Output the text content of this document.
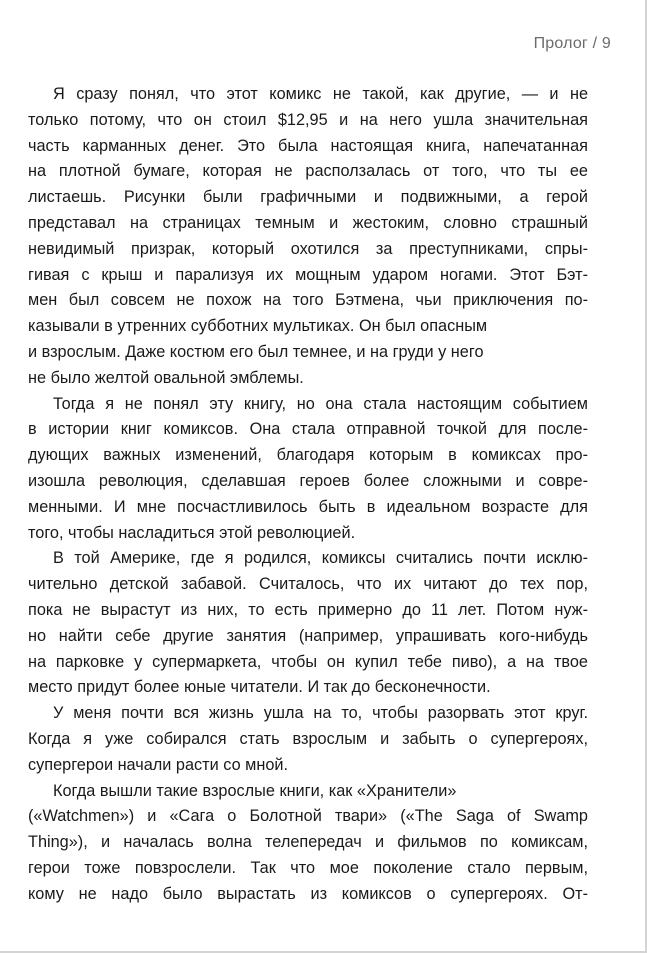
Пролог / 9
Я сразу понял, что этот комикс не такой, как другие, — и не
только потому, что он стоил $12,95 и на него ушла значительная
часть карманных денег. Это была настоящая книга, напечатанная
на плотной бумаге, которая не расползалась от того, что ты ее
листаешь. Рисунки были графичными и подвижными, а герой
представал на страницах темным и жестоким, словно страшный
невидимый призрак, который охотился за преступниками, спры-
гивая с крыш и парализуя их мощным ударом ногами. Этот Бэт-
мен был совсем не похож на того Бэтмена, чьи приключения по-
казывали в утренних субботних мультиках. Он был опасным
и взрослым. Даже костюм его был темнее, и на груди у него
не было желтой овальной эмблемы.
Тогда я не понял эту книгу, но она стала настоящим событием
в истории книг комиксов. Она стала отправной точкой для после-
дующих важных изменений, благодаря которым в комиксах про-
изошла революция, сделавшая героев более сложными и совре-
менными. И мне посчастливилось быть в идеальном возрасте для
того, чтобы насладиться этой революцией.
В той Америке, где я родился, комиксы считались почти исклю-
чительно детской забавой. Считалось, что их читают до тех пор,
пока не вырастут из них, то есть примерно до 11 лет. Потом нуж-
но найти себе другие занятия (например, упрашивать кого-нибудь
на парковке у супермаркета, чтобы он купил тебе пиво), а на твое
место придут более юные читатели. И так до бесконечности.
У меня почти вся жизнь ушла на то, чтобы разорвать этот круг.
Когда я уже собирался стать взрослым и забыть о супергероях,
супергерои начали расти со мной.
Когда вышли такие взрослые книги, как «Хранители»
(«Watchmen») и «Сага о Болотной твари» («The Saga of Swamp
Thing»), и началась волна телепередач и фильмов по комиксам,
герои тоже повзрослели. Так что мое поколение стало первым,
кому не надо было вырастать из комиксов о супергероях. От-
